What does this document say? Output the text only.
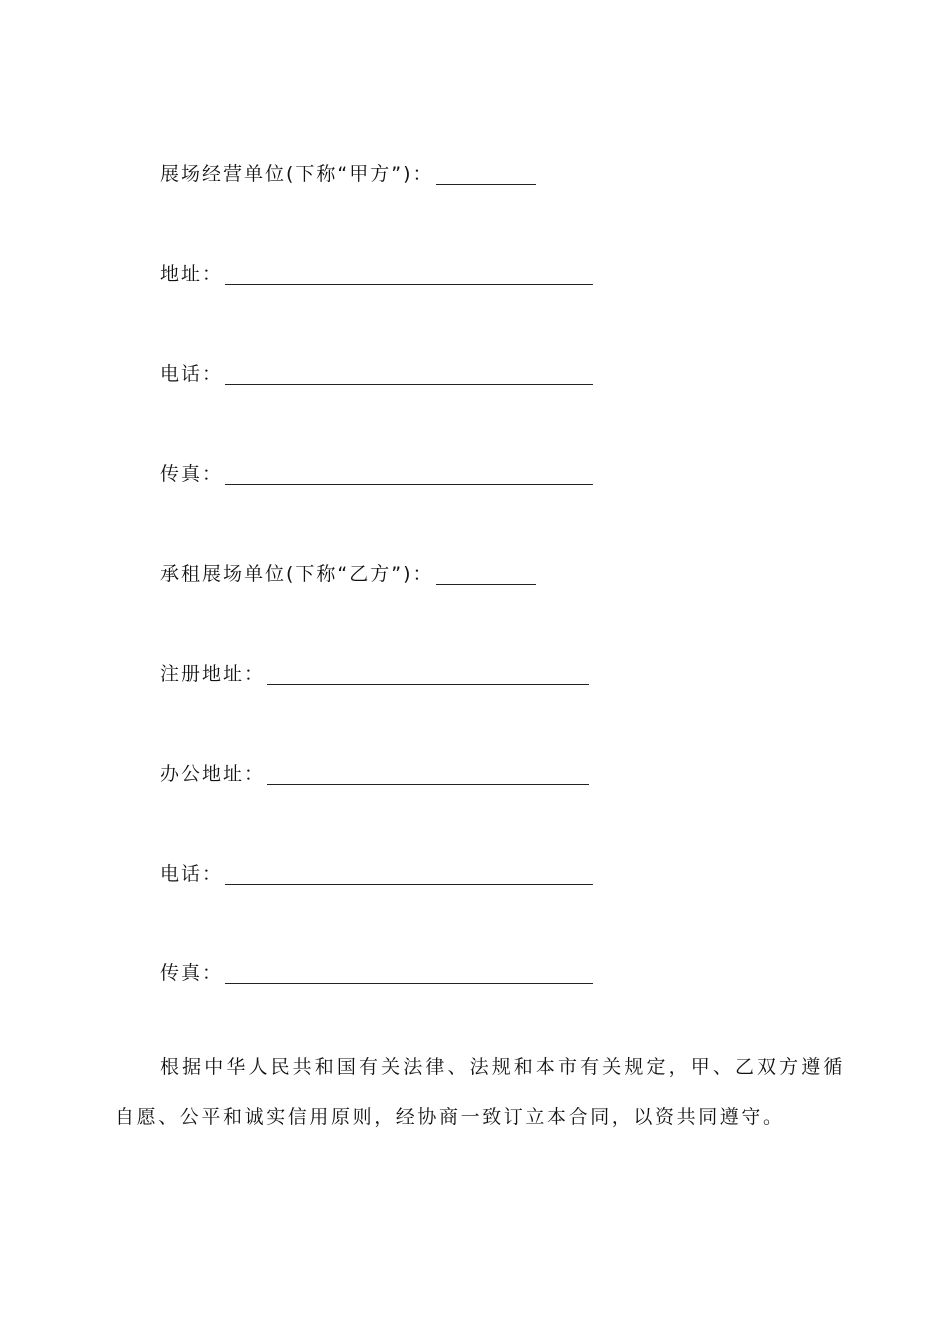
展场经营单位(下称“甲方”)：
地址：
电话：
传真：
承租展场单位(下称“乙方”)：
注册地址：
办公地址：
电话：
传真：

根据中华人民共和国有关法律、法规和本市有关规定，甲、乙双方遵循自愿、公平和诚实信用原则，经协商一致订立本合同，以资共同遵守。
